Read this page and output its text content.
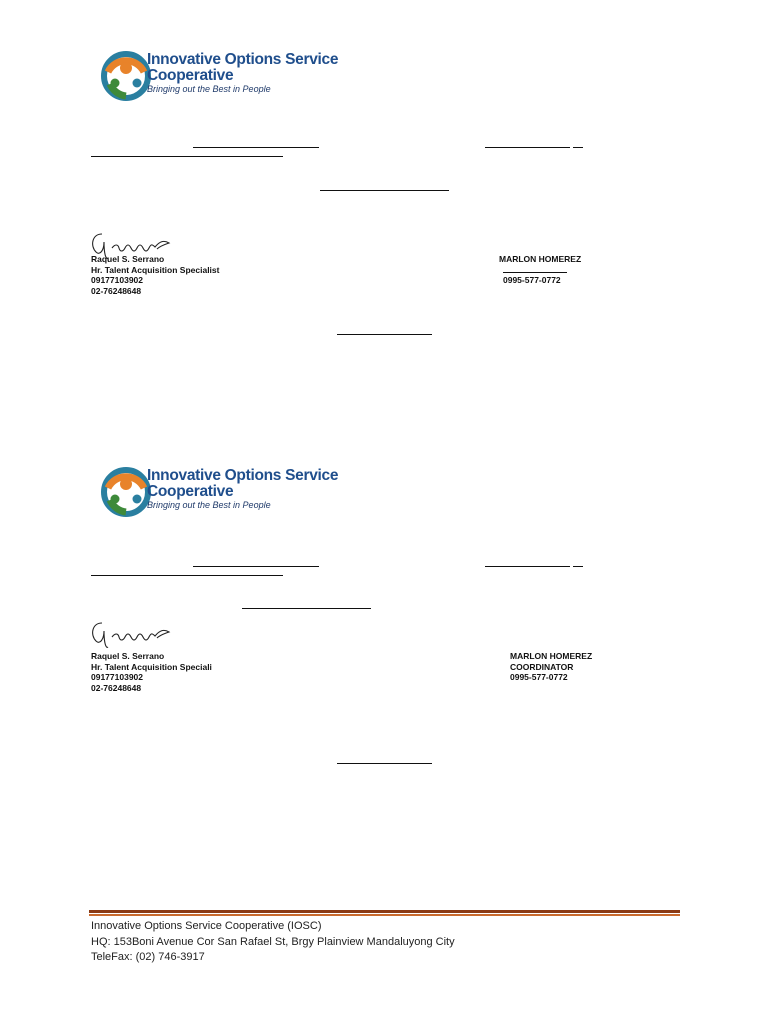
Innovative Options Service
Cooperative
Bringing out the Best in People
Raquel S. Serrano
Hr. Talent Acquisition Specialist
09177103902
02-76248648
MARLON HOMEREZ
0995-577-0772
Innovative Options Service
Cooperative
Bringing out the Best in People
Raquel S. Serrano
Hr. Talent Acquisition Speciali
09177103902
02-76248648
MARLON HOMEREZ
COORDINATOR
0995-577-0772
Innovative Options Service Cooperative (IOSC)
HQ: 153Boni Avenue Cor San Rafael St, Brgy Plainview Mandaluyong City
TeleFax: (02) 746-3917
